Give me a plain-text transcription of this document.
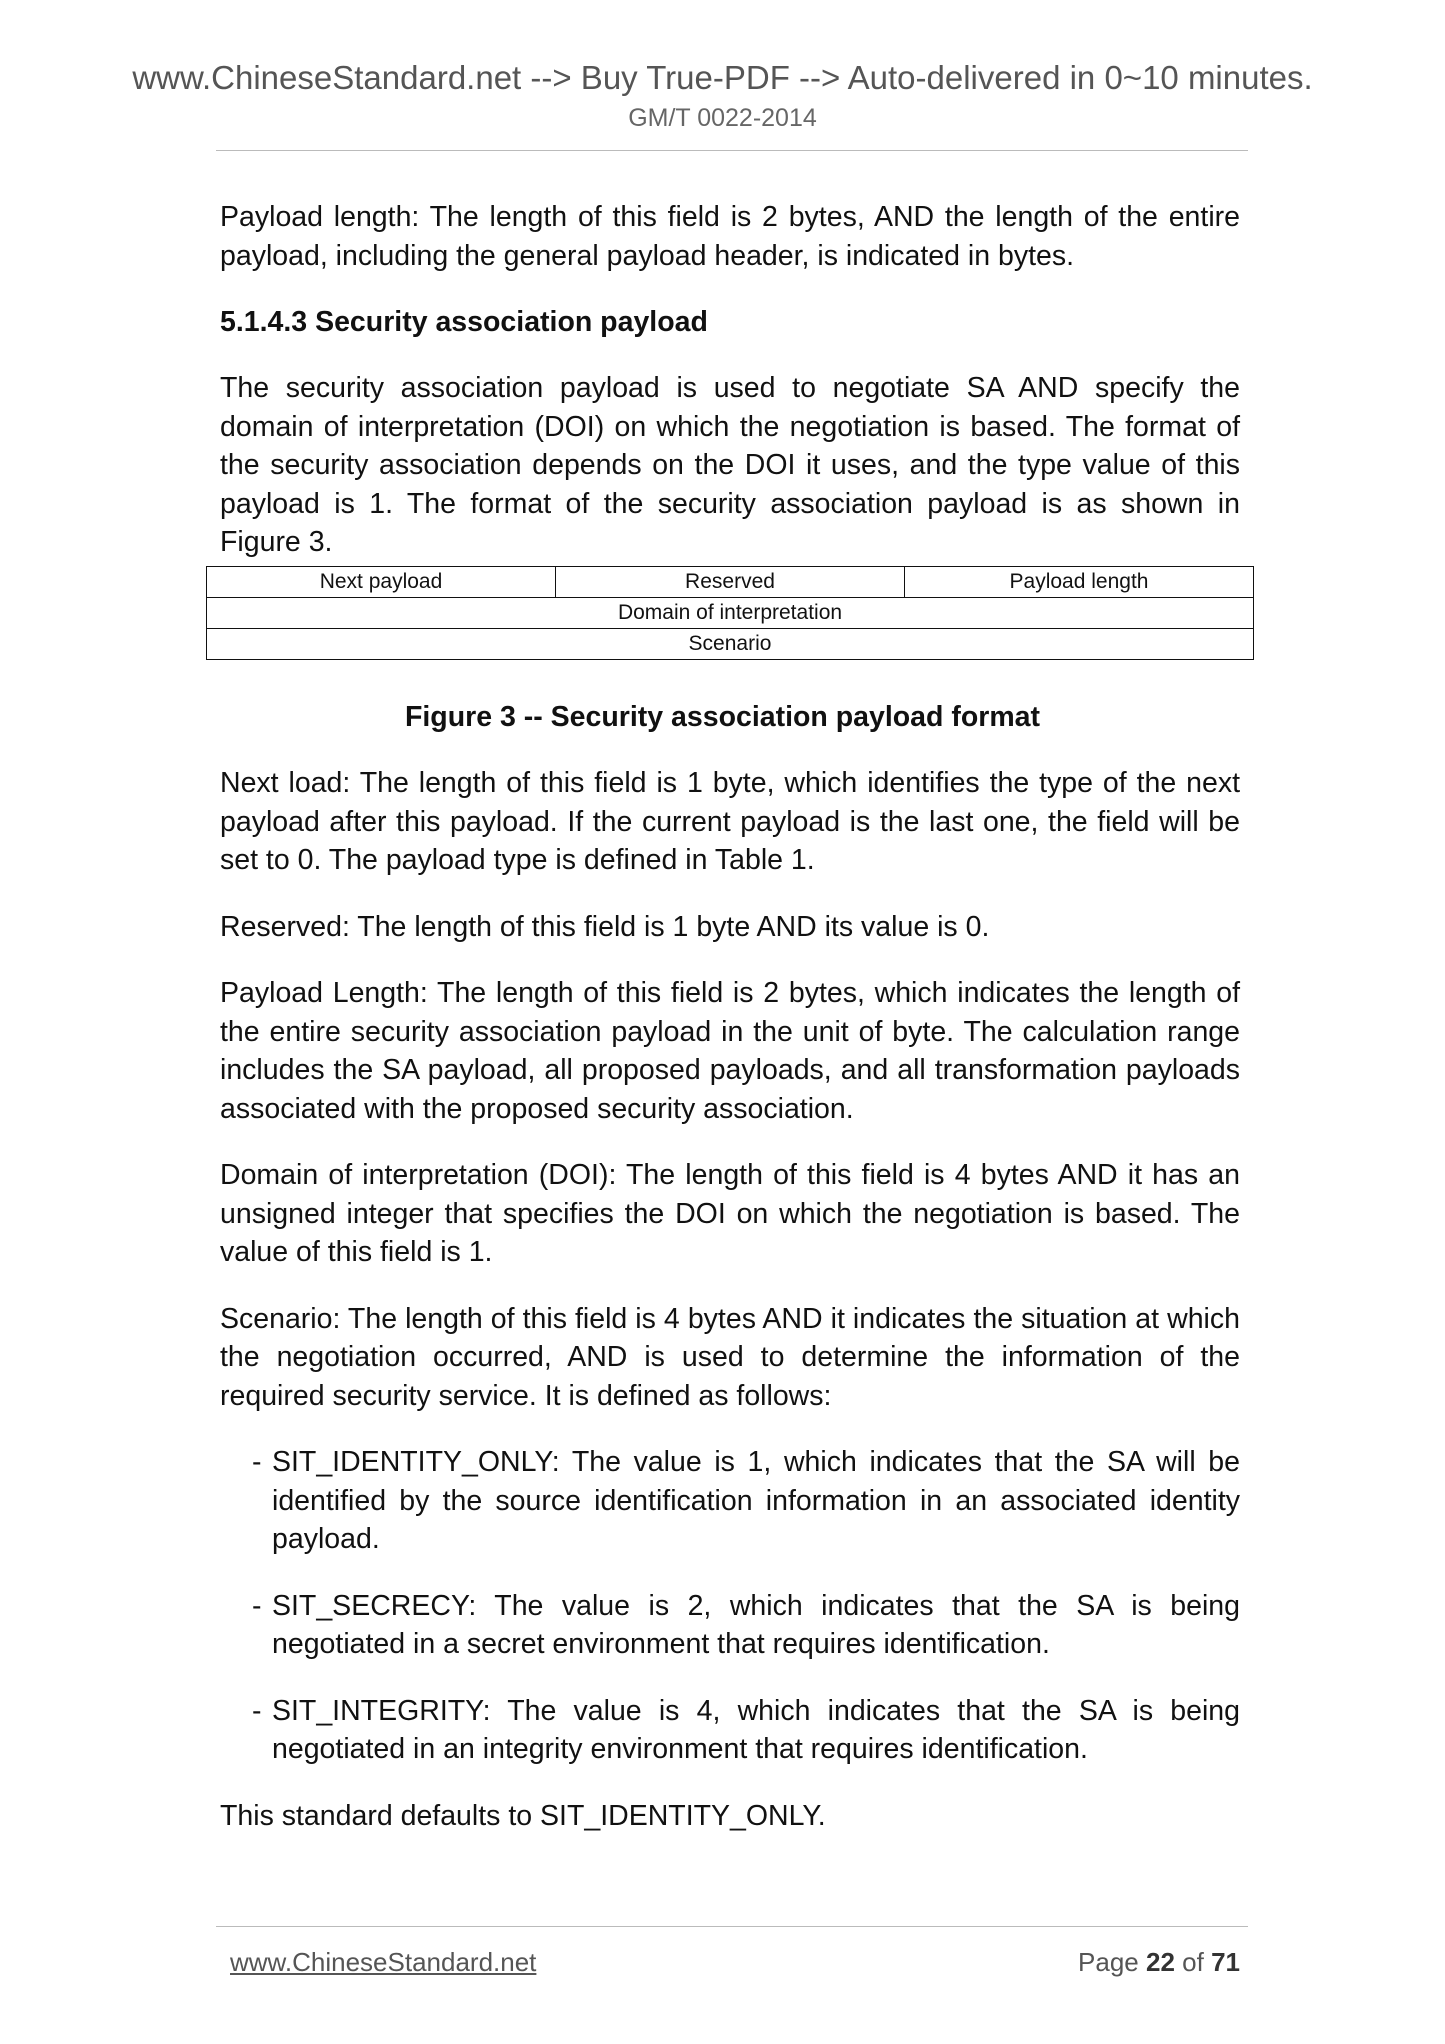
www.ChineseStandard.net --> Buy True-PDF --> Auto-delivered in 0~10 minutes.
GM/T 0022-2014

Payload length: The length of this field is 2 bytes, AND the length of the entire payload, including the general payload header, is indicated in bytes.

5.1.4.3 Security association payload

The security association payload is used to negotiate SA AND specify the domain of interpretation (DOI) on which the negotiation is based. The format of the security association depends on the DOI it uses, and the type value of this payload is 1. The format of the security association payload is as shown in Figure 3.

Next payload	Reserved	Payload length
Domain of interpretation
Scenario
Figure 3 -- Security association payload format

Next load: The length of this field is 1 byte, which identifies the type of the next payload after this payload. If the current payload is the last one, the field will be set to 0. The payload type is defined in Table 1.

Reserved: The length of this field is 1 byte AND its value is 0.

Payload Length: The length of this field is 2 bytes, which indicates the length of the entire security association payload in the unit of byte. The calculation range includes the SA payload, all proposed payloads, and all transformation payloads associated with the proposed security association.

Domain of interpretation (DOI): The length of this field is 4 bytes AND it has an unsigned integer that specifies the DOI on which the negotiation is based. The value of this field is 1.

Scenario: The length of this field is 4 bytes AND it indicates the situation at which the negotiation occurred, AND is used to determine the information of the required security service. It is defined as follows:

- SIT_IDENTITY_ONLY: The value is 1, which indicates that the SA will be identified by the source identification information in an associated identity payload.

- SIT_SECRECY: The value is 2, which indicates that the SA is being negotiated in a secret environment that requires identification.

- SIT_INTEGRITY: The value is 4, which indicates that the SA is being negotiated in an integrity environment that requires identification.

This standard defaults to SIT_IDENTITY_ONLY.

www.ChineseStandard.net	Page 22 of 71
